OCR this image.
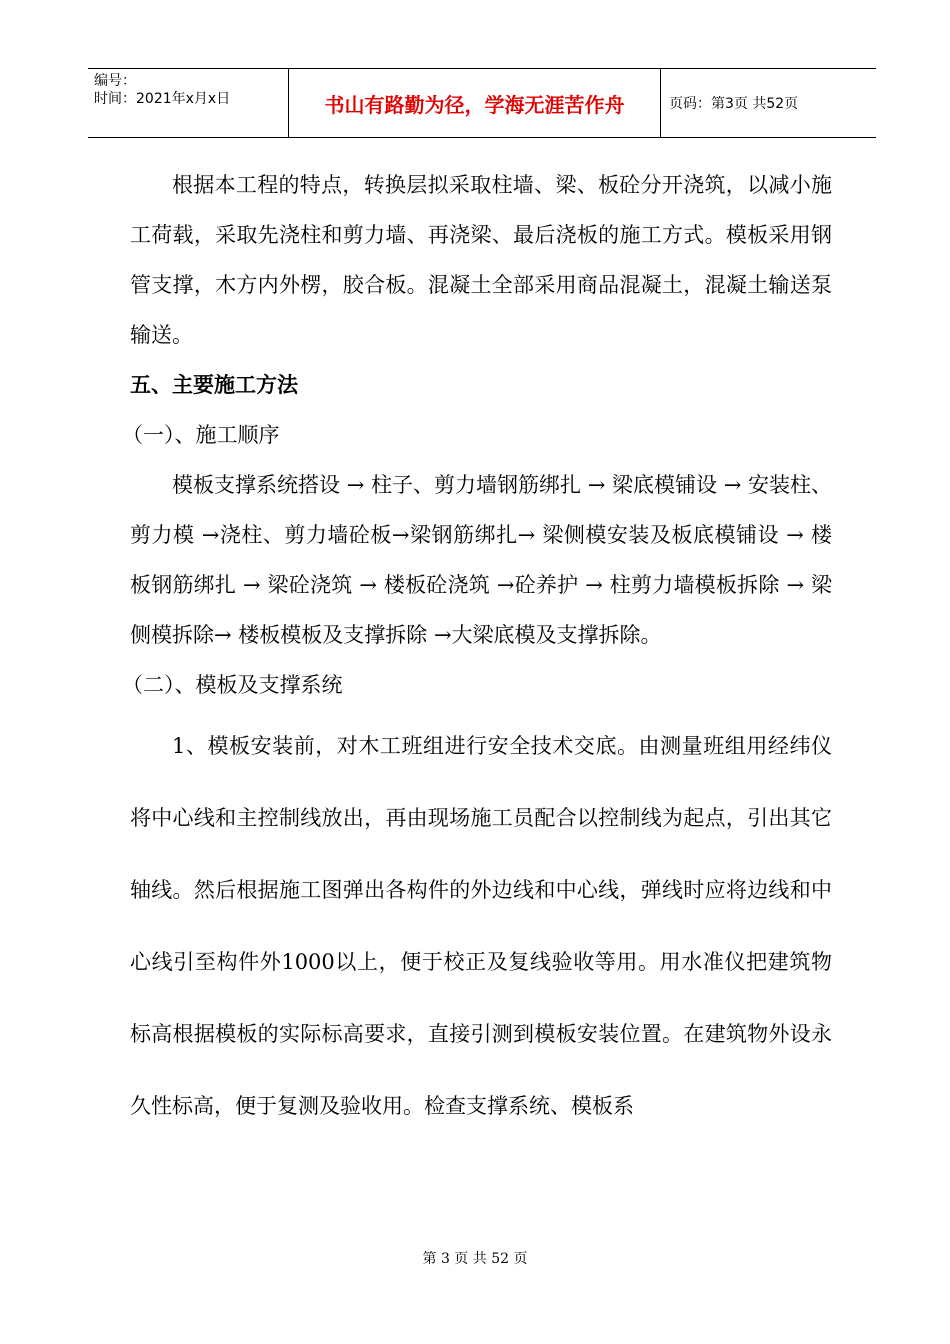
编号：
时间：2021年x月x日	书山有路勤为径，学海无涯苦作舟	页码：第3页 共52页

根据本工程的特点，转换层拟采取柱墙、梁、板砼分开浇筑，以减小施工荷载，采取先浇柱和剪力墙、再浇梁、最后浇板的施工方式。模板采用钢管支撑，木方内外楞，胶合板。混凝土全部采用商品混凝土，混凝土输送泵输送。

五、主要施工方法

（一）、施工顺序

模板支撑系统搭设 → 柱子、剪力墙钢筋绑扎 → 梁底模铺设 → 安装柱、剪力模 →浇柱、剪力墙砼板→梁钢筋绑扎→ 梁侧模安装及板底模铺设 → 楼板钢筋绑扎 → 梁砼浇筑 → 楼板砼浇筑 →砼养护 → 柱剪力墙模板拆除 → 梁侧模拆除→ 楼板模板及支撑拆除 →大梁底模及支撑拆除。

（二）、模板及支撑系统

1、模板安装前，对木工班组进行安全技术交底。由测量班组用经纬仪将中心线和主控制线放出，再由现场施工员配合以控制线为起点，引出其它轴线。然后根据施工图弹出各构件的外边线和中心线，弹线时应将边线和中心线引至构件外1000以上，便于校正及复线验收等用。用水准仪把建筑物标高根据模板的实际标高要求，直接引测到模板安装位置。在建筑物外设永久性标高，便于复测及验收用。检查支撑系统、模板系

第 3 页 共 52 页
